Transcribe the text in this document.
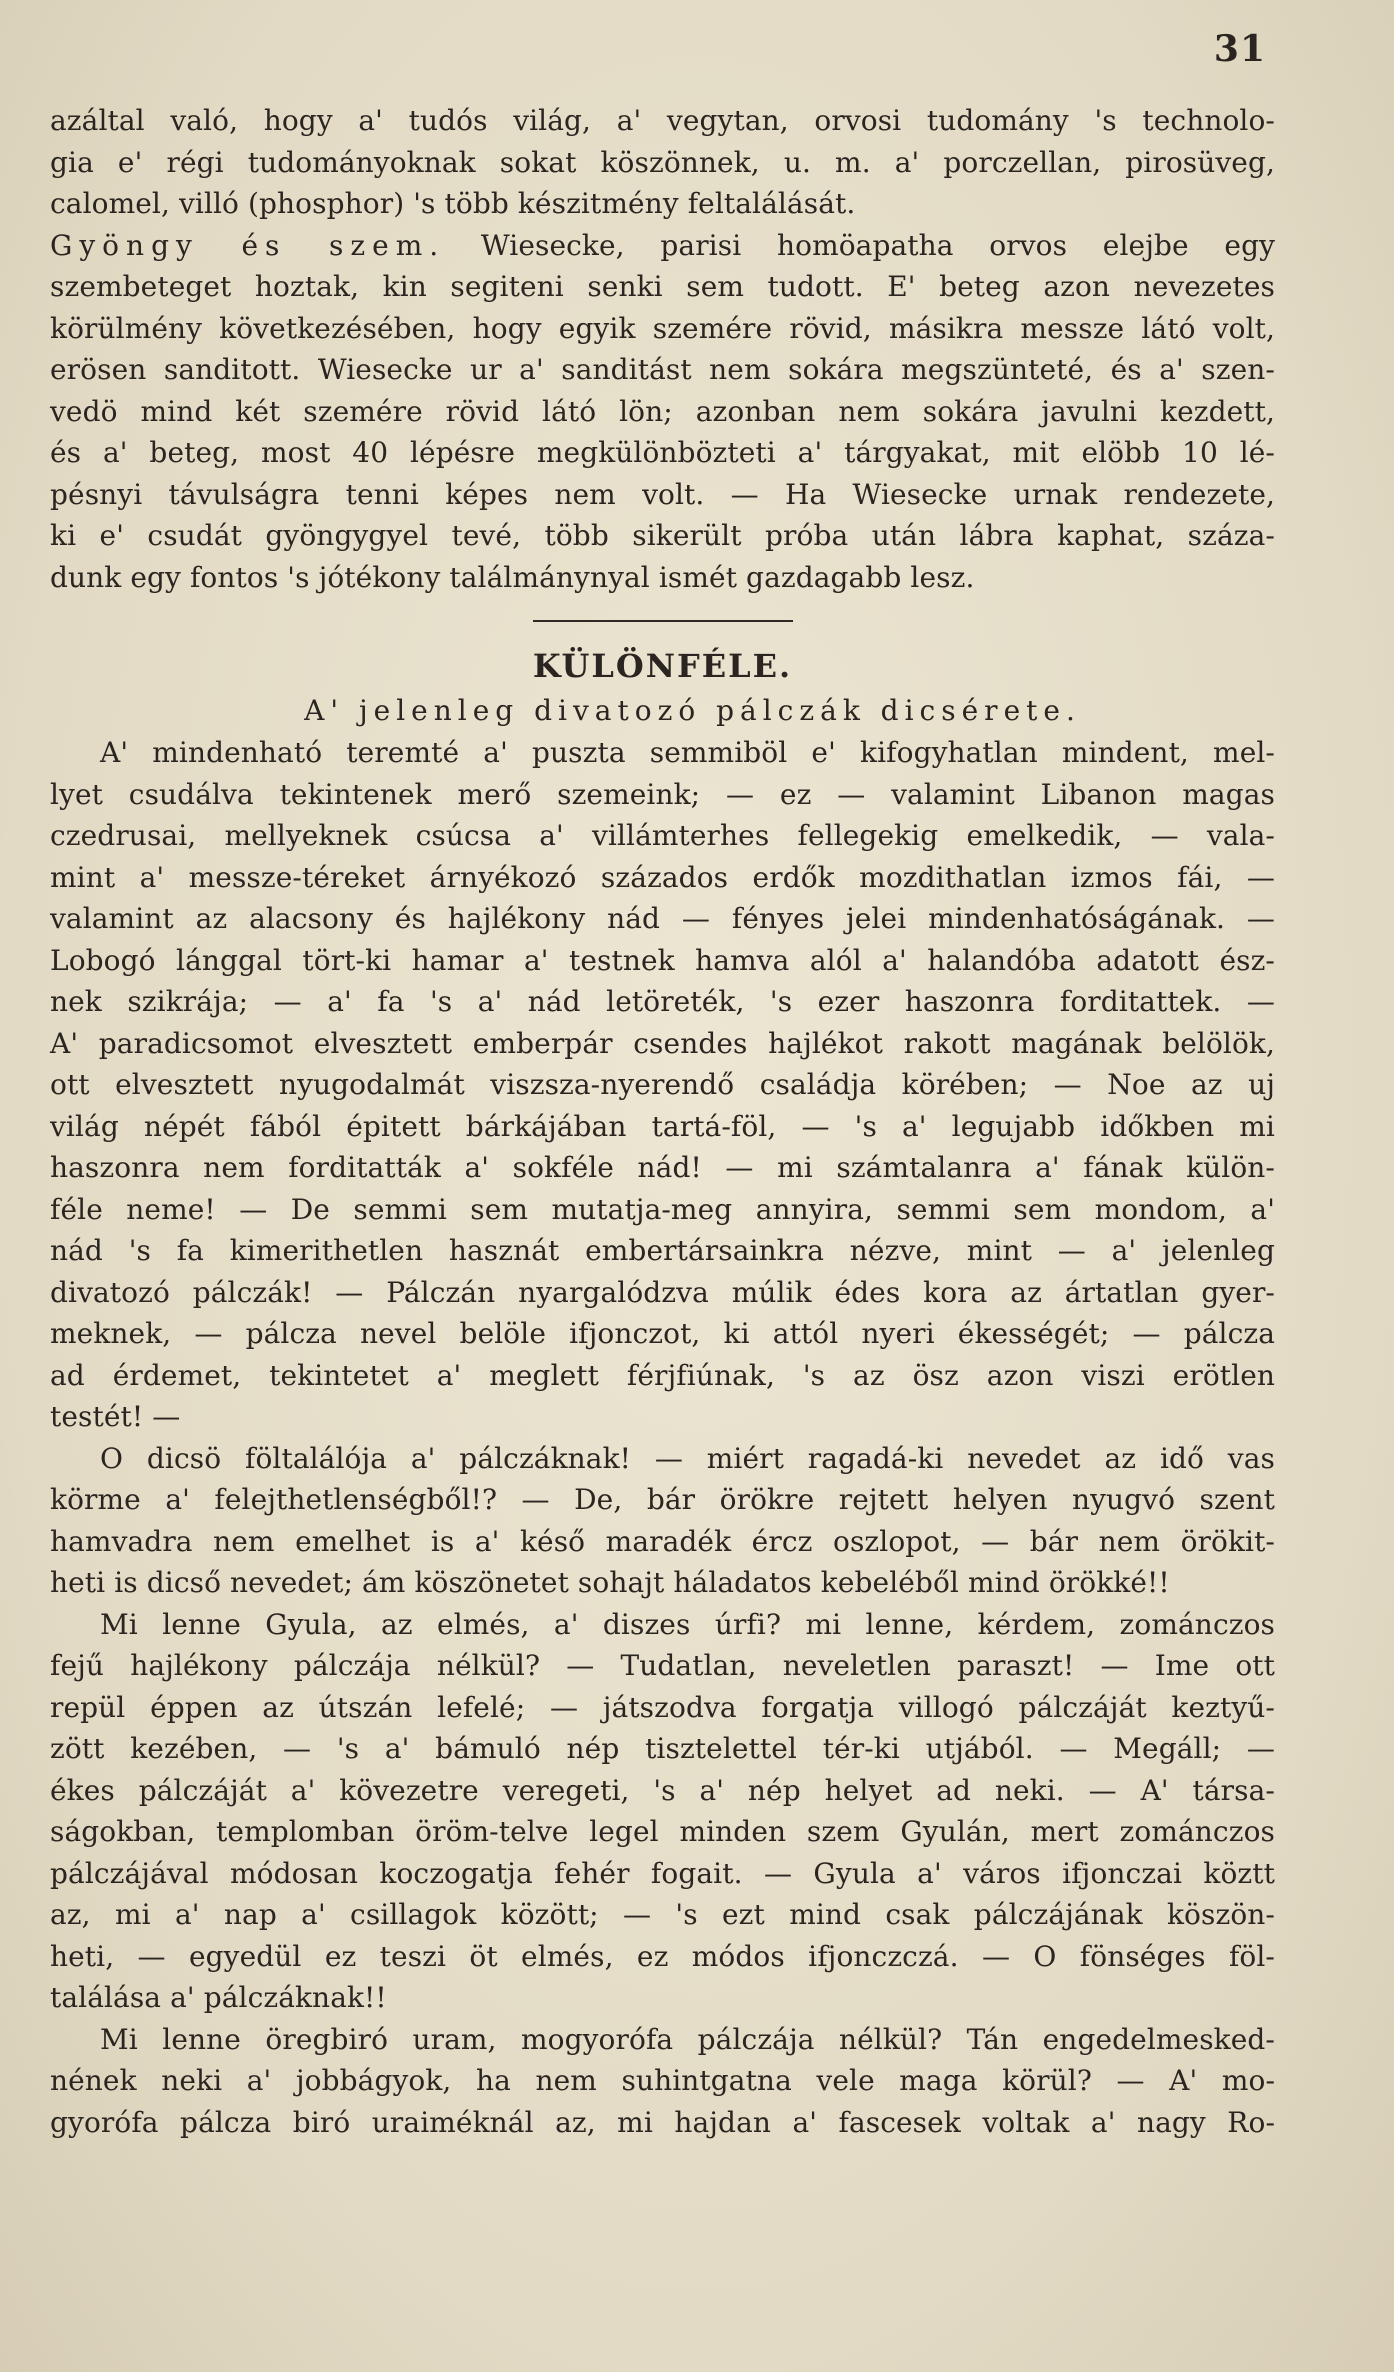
31
azáltal való, hogy a' tudós világ, a' vegytan, orvosi tudomány 's technolo-
gia e' régi tudományoknak sokat köszönnek, u. m. a' porczellan, pirosüveg,
calomel, villó (phosphor) 's több készitmény feltalálását.
Gyöngy és szem. Wiesecke, parisi homöapatha orvos elejbe egy
szembeteget hoztak, kin segiteni senki sem tudott. E' beteg azon nevezetes
körülmény következésében, hogy egyik szemére rövid, másikra messze látó volt,
erösen sanditott. Wiesecke ur a' sanditást nem sokára megszünteté, és a' szen-
vedö mind két szemére rövid látó lön; azonban nem sokára javulni kezdett,
és a' beteg, most 40 lépésre megkülönbözteti a' tárgyakat, mit elöbb 10 lé-
pésnyi távulságra tenni képes nem volt. — Ha Wiesecke urnak rendezete,
ki e' csudát gyöngygyel tevé, több sikerült próba után lábra kaphat, száza-
dunk egy fontos 's jótékony találmánynyal ismét gazdagabb lesz.
KÜLÖNFÉLE.
A' jelenleg divatozó pálczák dicsérete.
A' mindenható teremté a' puszta semmiböl e' kifogyhatlan mindent, mel-
lyet csudálva tekintenek merő szemeink; — ez — valamint Libanon magas
czedrusai, mellyeknek csúcsa a' villámterhes fellegekig emelkedik, — vala-
mint a' messze-téreket árnyékozó százados erdők mozdithatlan izmos fái, —
valamint az alacsony és hajlékony nád — fényes jelei mindenhatóságának. —
Lobogó lánggal tört-ki hamar a' testnek hamva alól a' halandóba adatott ész-
nek szikrája; — a' fa 's a' nád letöreték, 's ezer haszonra forditattek. —
A' paradicsomot elvesztett emberpár csendes hajlékot rakott magának belölök,
ott elvesztett nyugodalmát viszsza-nyerendő családja körében; — Noe az uj
világ népét fából épitett bárkájában tartá-föl, — 's a' legujabb időkben mi
haszonra nem forditatták a' sokféle nád! — mi számtalanra a' fának külön-
féle neme! — De semmi sem mutatja-meg annyira, semmi sem mondom, a'
nád 's fa kimerithetlen hasznát embertársainkra nézve, mint — a' jelenleg
divatozó pálczák! — Pálczán nyargalódzva múlik édes kora az ártatlan gyer-
meknek, — pálcza nevel belöle ifjonczot, ki attól nyeri ékességét; — pálcza
ad érdemet, tekintetet a' meglett férjfiúnak, 's az ösz azon viszi erötlen
testét! —
O dicsö föltalálója a' pálczáknak! — miért ragadá-ki nevedet az idő vas
körme a' felejthetlenségből!? — De, bár örökre rejtett helyen nyugvó szent
hamvadra nem emelhet is a' késő maradék ércz oszlopot, — bár nem örökit-
heti is dicső nevedet; ám köszönetet sohajt háladatos kebeléből mind örökké!!
Mi lenne Gyula, az elmés, a' diszes úrfi? mi lenne, kérdem, zománczos
fejű hajlékony pálczája nélkül? — Tudatlan, neveletlen paraszt! — Ime ott
repül éppen az útszán lefelé; — játszodva forgatja villogó pálczáját keztyű-
zött kezében, — 's a' bámuló nép tisztelettel tér-ki utjából. — Megáll; —
ékes pálczáját a' kövezetre veregeti, 's a' nép helyet ad neki. — A' társa-
ságokban, templomban öröm-telve legel minden szem Gyulán, mert zománczos
pálczájával módosan koczogatja fehér fogait. — Gyula a' város ifjonczai köztt
az, mi a' nap a' csillagok között; — 's ezt mind csak pálczájának köszön-
heti, — egyedül ez teszi öt elmés, ez módos ifjonczczá. — O fönséges föl-
találása a' pálczáknak!!
Mi lenne öregbiró uram, mogyorófa pálczája nélkül? Tán engedelmesked-
nének neki a' jobbágyok, ha nem suhintgatna vele maga körül? — A' mo-
gyorófa pálcza biró uraiméknál az, mi hajdan a' fascesek voltak a' nagy Ro-
